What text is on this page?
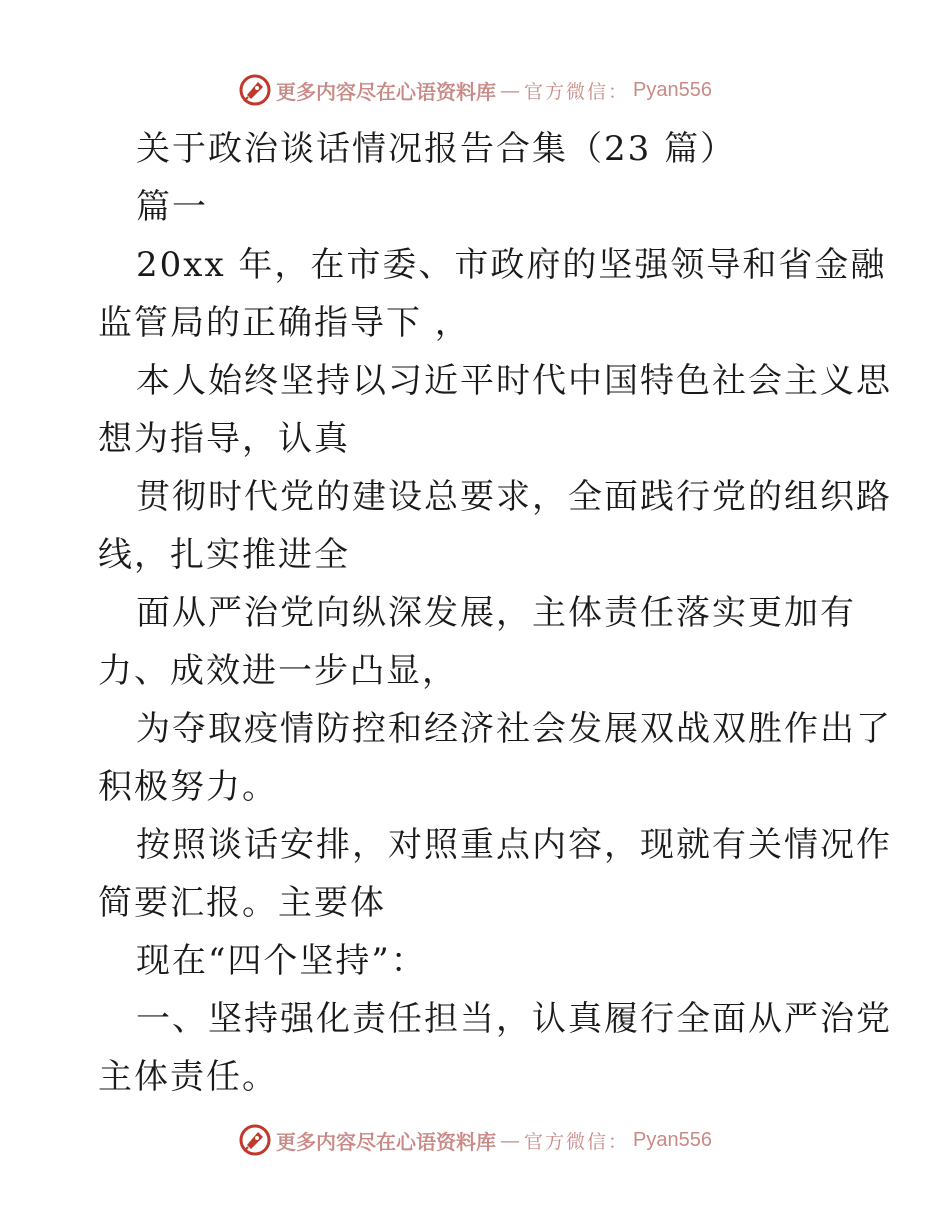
更多内容尽在心语资料库 — 官方微信： Pyan556
关于政治谈话情况报告合集（23 篇）
篇一
20xx 年，在市委、市政府的坚强领导和省金融
监管局的正确指导下 ，
本人始终坚持以习近平时代中国特色社会主义思
想为指导，认真
贯彻时代党的建设总要求，全面践行党的组织路
线，扎实推进全
面从严治党向纵深发展，主体责任落实更加有
力、成效进一步凸显，
为夺取疫情防控和经济社会发展双战双胜作出了
积极努力。
按照谈话安排，对照重点内容，现就有关情况作
简要汇报。主要体
现在“四个坚持”：
一、坚持强化责任担当，认真履行全面从严治党
主体责任。
更多内容尽在心语资料库 — 官方微信： Pyan556
